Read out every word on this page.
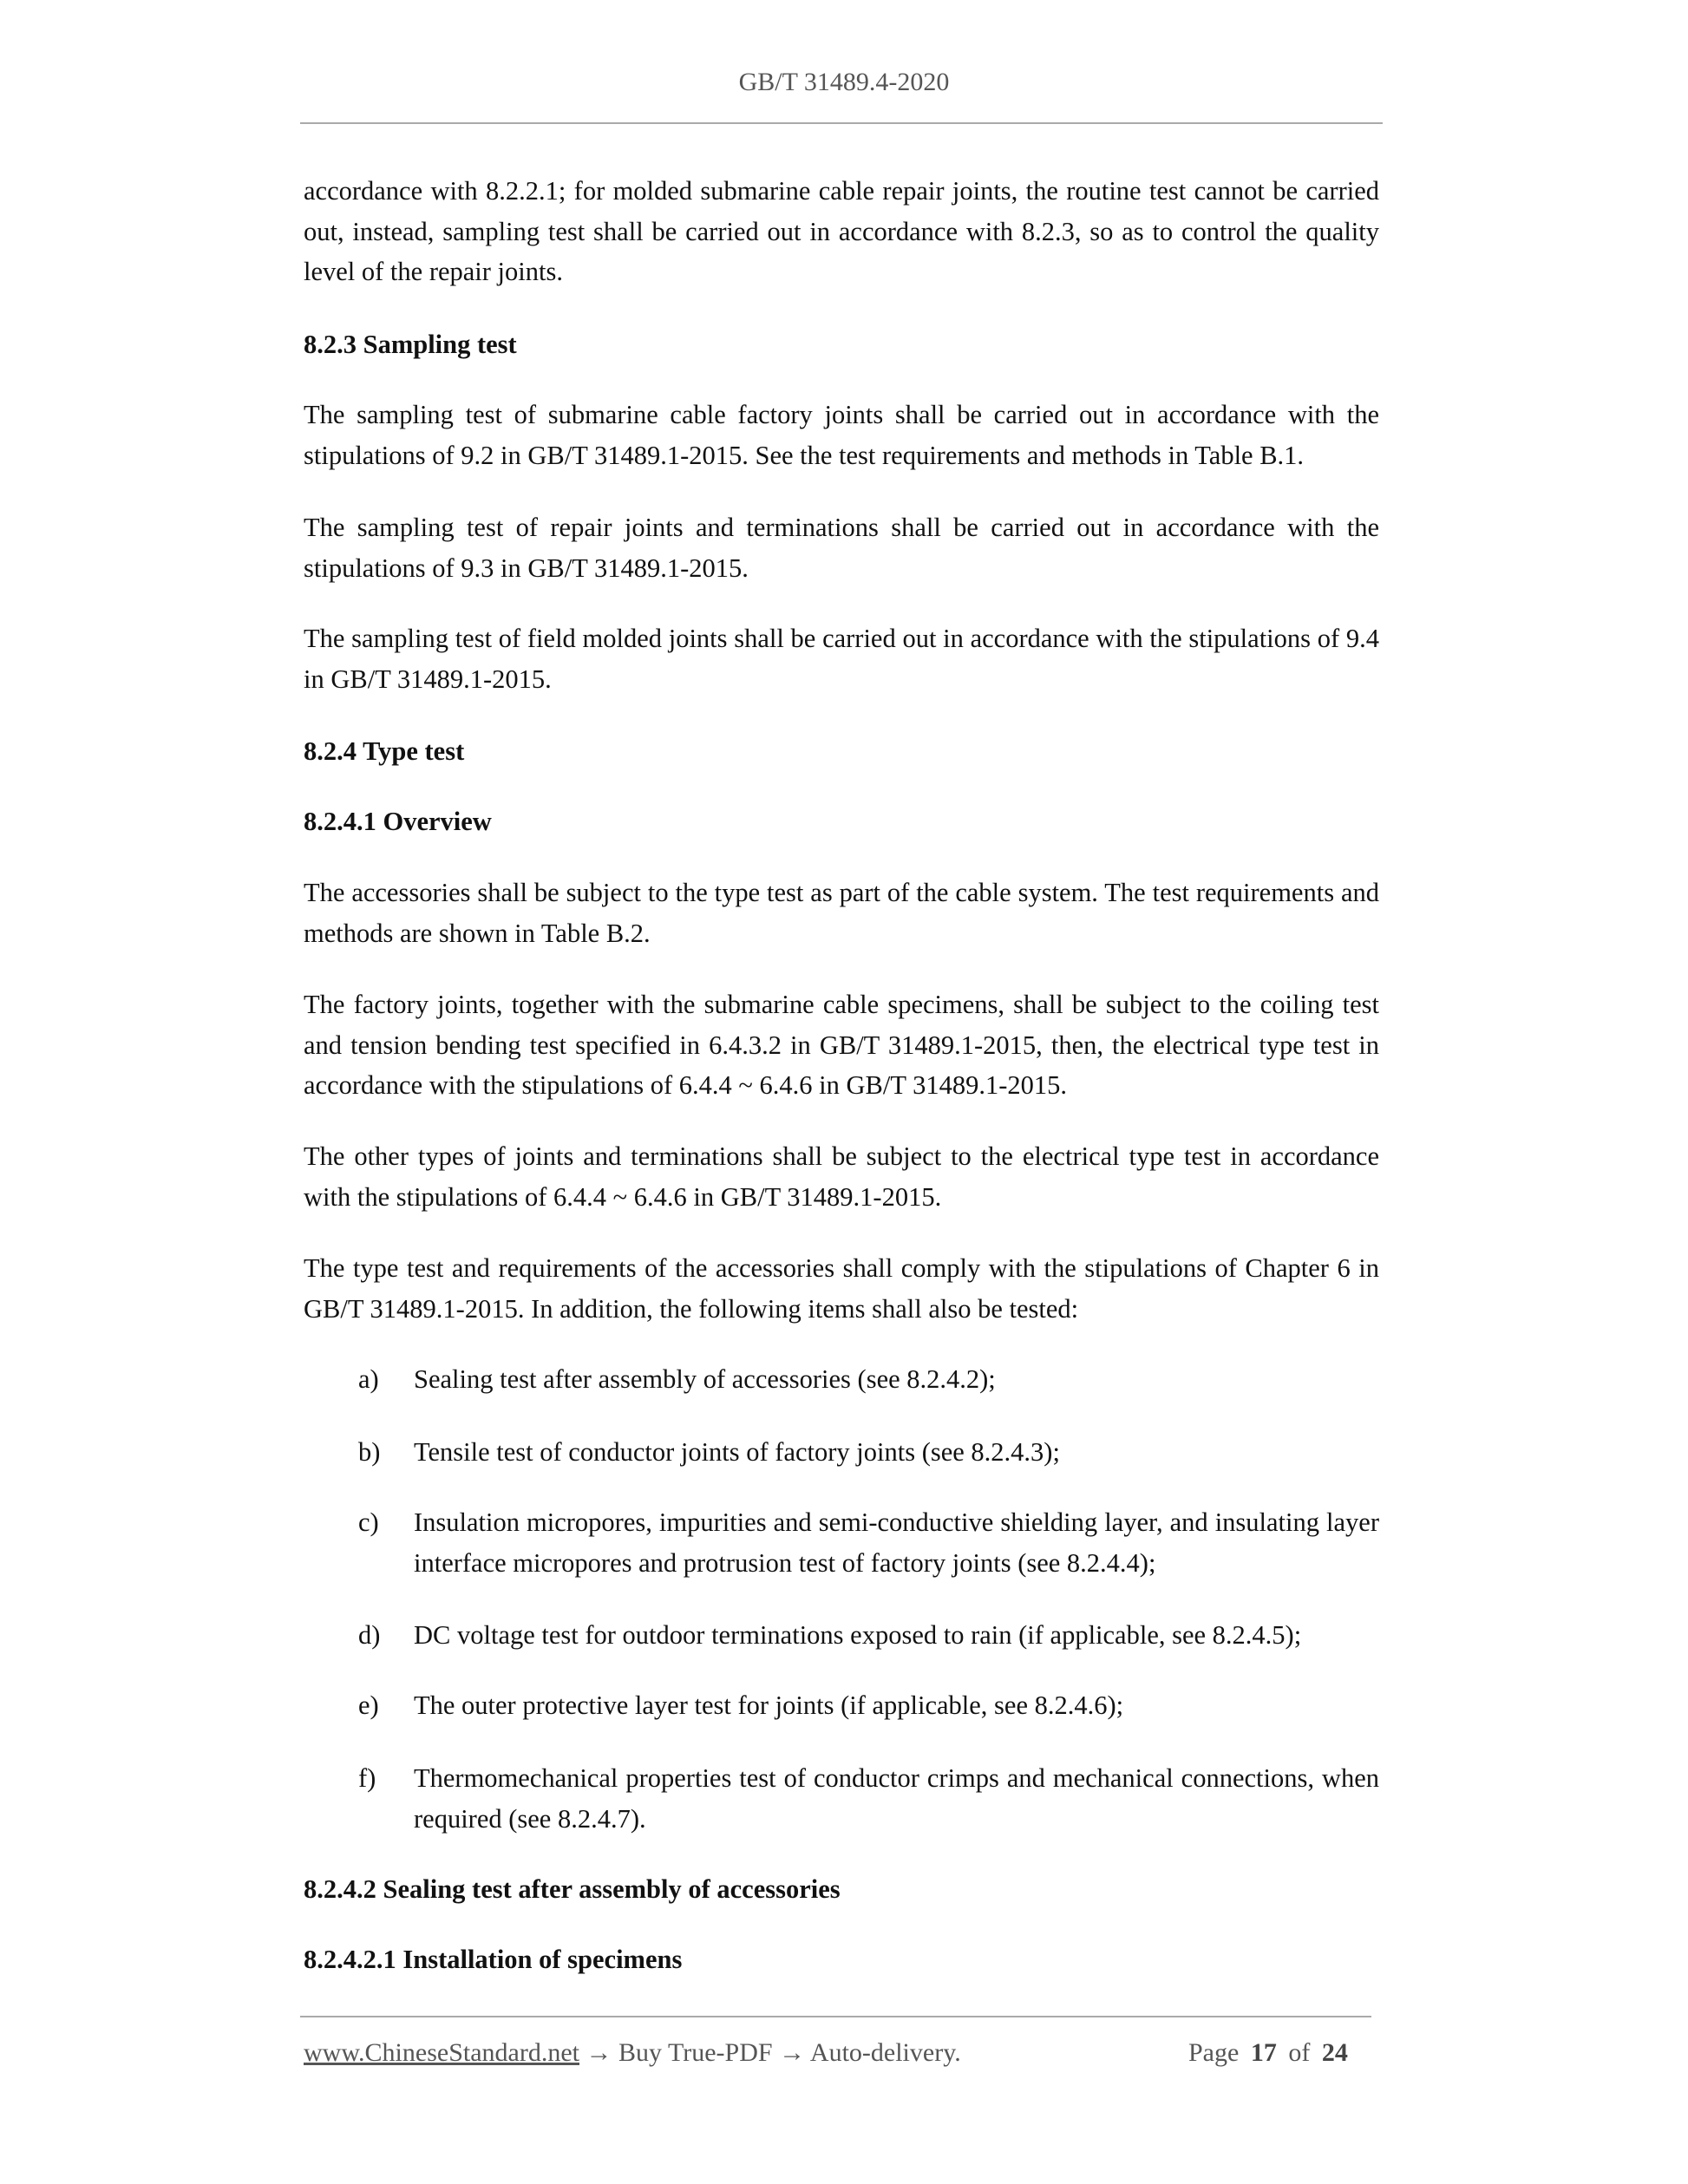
GB/T 31489.4-2020
accordance with 8.2.2.1; for molded submarine cable repair joints, the routine test cannot be carried out, instead, sampling test shall be carried out in accordance with 8.2.3, so as to control the quality level of the repair joints.
8.2.3 Sampling test
The sampling test of submarine cable factory joints shall be carried out in accordance with the stipulations of 9.2 in GB/T 31489.1-2015. See the test requirements and methods in Table B.1.
The sampling test of repair joints and terminations shall be carried out in accordance with the stipulations of 9.3 in GB/T 31489.1-2015.
The sampling test of field molded joints shall be carried out in accordance with the stipulations of 9.4 in GB/T 31489.1-2015.
8.2.4 Type test
8.2.4.1 Overview
The accessories shall be subject to the type test as part of the cable system. The test requirements and methods are shown in Table B.2.
The factory joints, together with the submarine cable specimens, shall be subject to the coiling test and tension bending test specified in 6.4.3.2 in GB/T 31489.1-2015, then, the electrical type test in accordance with the stipulations of 6.4.4 ~ 6.4.6 in GB/T 31489.1-2015.
The other types of joints and terminations shall be subject to the electrical type test in accordance with the stipulations of 6.4.4 ~ 6.4.6 in GB/T 31489.1-2015.
The type test and requirements of the accessories shall comply with the stipulations of Chapter 6 in GB/T 31489.1-2015. In addition, the following items shall also be tested:
a) Sealing test after assembly of accessories (see 8.2.4.2);
b) Tensile test of conductor joints of factory joints (see 8.2.4.3);
c) Insulation micropores, impurities and semi-conductive shielding layer, and insulating layer interface micropores and protrusion test of factory joints (see 8.2.4.4);
d) DC voltage test for outdoor terminations exposed to rain (if applicable, see 8.2.4.5);
e) The outer protective layer test for joints (if applicable, see 8.2.4.6);
f) Thermomechanical properties test of conductor crimps and mechanical connections, when required (see 8.2.4.7).
8.2.4.2 Sealing test after assembly of accessories
8.2.4.2.1 Installation of specimens
www.ChineseStandard.net → Buy True-PDF → Auto-delivery.	Page 17 of 24
